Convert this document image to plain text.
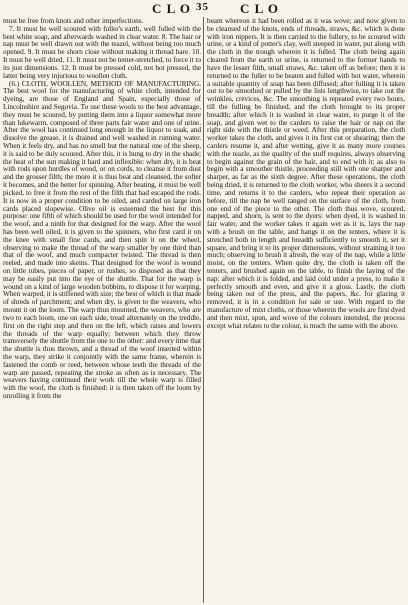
C L O 35 C L O

must be free from knots and other imperfections.

7. It must be well scoured with fuller's earth, well fulled with the best white soap, and afterwards washed in clear water. 8. The hair or nap must be well drawn out with the teazel, without being too much opened. 9. It must be shorn close without making it thread bare. 10. It must be well dried. 11. It must not be tenter-stretched, to force it to its just dimensions. 12. It must be pressed cold, not hot pressed, the latter being very injurious to woollen cloth.

(6.) CLOTH, WOOLLEN, METHOD OF MANUFACTURING. The best wool for the manufacturing of white cloth, intended for dyeing, are those of England and Spain, especially those of Lincolnshire and Segovia. To use these wools to the best advantage, they must be scoured, by putting them into a liquor somewhat more than lukewarm, composed of three parts fair water and one of urine. After the wool has continued long enough in the liquor to soak, and dissolve the grease, it is drained and well washed in running water. When it feels dry, and has no smell but the natural one of the sheep, it is said to be duly scoured. After this, it is hung to dry in the shade; the heat of the sun making it hard and inflexible: when dry, it is beat with rods upon hurdles of wood, or on cords, to cleanse it from dust and the grosser filth; the more it is thus beat and cleansed, the softer it becomes, and the better for spinning. After beating, it must be well picked, to free it from the rest of the filth that had escaped the rods. It is now in a proper condition to be oiled, and carded on large iron cards placed slopewise. Olive oil is esteemed the best for this purpose: one fifth of which should be used for the wool intended for the woof, and a ninth for that designed for the warp. After the wool has been well oiled, it is given to the spinners, who first card it on the knee with small fine cards, and then spin it on the wheel, observing to make the thread of the warp smaller by one third than that of the woof, and much compacter twisted. The thread is then reeled, and made into skeins. That designed for the woof is wound on little tubes, pieces of paper, or rushes, so disposed as that they may be easily put into the eye of the shuttle. That for the warp is wound on a kind of large wooden bobbins, to dispose it for warping. When warped, it is stiffened with size; the best of which is that made of shreds of parchment; and when dry, is given to the weavers, who mount it on the loom. The warp thus mounted, the weavers, who are two to each loom, one on each side, tread alternately on the treddle, first on the right step and then on the left, which raises and lowers the threads of the warp equally; between which they throw transversely the shuttle from the one to the other: and every time that the shuttle is thus thrown, and a thread of the woof inserted within the warp, they strike it conjointly with the same frame, wherein is fastened the comb or reed, between whose teeth the threads of the warp are passed, repeating the stroke as often as is necessary. The weavers having continued their work till the whole warp is filled with the woof, the cloth is finished: it is then taken off the loom by unrolling it from the

beam whereon it had been rolled as it was wove; and now given to be cleansed of the knots, ends of threads, straws, &c. which is done with iron nippers. It is then carried to the fullery, to be scoured with urine, or a kind of potter's clay, well steeped in water, put along with the cloth in the trough wherein it is fulled. The cloth being again cleared from the earth or urine, is returned to the former hands to have the lesser filth, small straws, &c. taken off as before; then it is returned to the fuller to be beaten and fulled with hot water, wherein a suitable quantity of soap has been diffused; after fulling it is taken out to be smoothed or pulled by the lists lengthwise, to take out the wrinkles, crevices, &c. The smoothing is repeated every two hours, till the fulling be finished, and the cloth brought to its proper breadth; after which it is washed in clear water, to purge it of the soap, and given wet to the carders to raise the hair or nap on the right side with the thistle or weed. After this preparation, the cloth worker takes the cloth, and gives it its first cut or shearing; then the carders resume it, and after wetting, give it as many more courses with the teazle, as the quality of the stuff requires, always observing to begin against the grain of the hair, and to end with it; as also to begin with a smoother thistle, proceeding still with one sharper and sharper, as far as the sixth degree. After these operations, the cloth being dried, it is returned to the cloth worker, who sheers it a second time, and returns it to the carders, who repeat their operation as before, till the nap be well ranged on the surface of the cloth, from one end of the piece to the other. The cloth thus wove, scoured, napped, and shorn, is sent to the dyers: when dyed, it is washed in fair water, and the worker takes it again wet as it is, lays the nap with a brush on the table, and hangs it on the tenters, where it is stretched both in length and breadth sufficiently to smooth it, set it square, and bring it to its proper dimensions, without straining it too much; observing to brush it afresh, the way of the nap, while a little moist, on the tenters. When quite dry, the cloth is taken off the tenters, and brushed again on the table, to finish the laying of the nap: after which it is folded, and laid cold under a press, to make it perfectly smooth and even, and give it a gloss. Lastly, the cloth being taken out of the press, and the papers, &c. for glazing it removed, it is in a condition for sale or use. With regard to the manufacture of mixt cloths, or those wherein the wools are first dyed and then mixt, spun, and wove of the colours intended, the process except what relates to the colour, is much the same with the above.
